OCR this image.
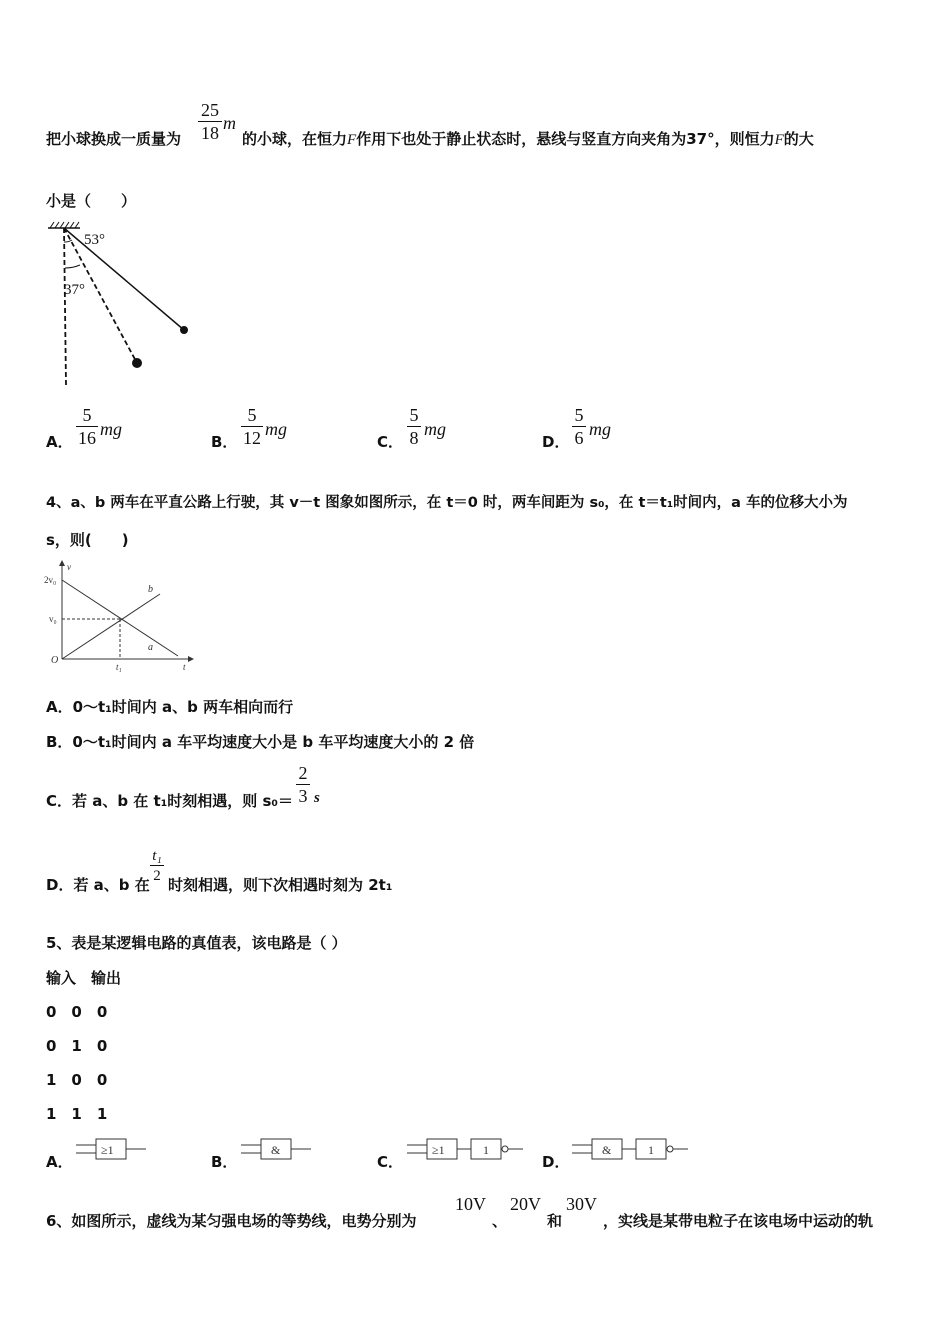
把小球换成一质量为
25
18 m
的小球，在恒力F作用下也处于静止状态时，悬线与竖直方向夹角为37°，则恒力F的大
小是（　　）
53°
37°
A．
5
16 mg
B．
5
12 mg
C．
5
8 mg
D．
5
6 mg
4、a、b 两车在平直公路上行驶，其 v－t 图象如图所示，在 t＝0 时，两车间距为 s₀，在 t＝t₁时间内，a 车的位移大小为
s，则(　　)
v
t
2v₀
v₀
O
t₁
a
b
A．0～t₁时间内 a、b 两车相向而行
B．0～t₁时间内 a 车平均速度大小是 b 车平均速度大小的 2 倍
C．若 a、b 在 t₁时刻相遇，则 s₀＝
2
3 s
D．若 a、b 在
t₁
2 时刻相遇，则下次相遇时刻为 2t₁
5、表是某逻辑电路的真值表，该电路是（ ）
输入　输出
0　0　0
0　1　0
1　0　0
1　1　1
A．
≥1
B．
&
C．
≥1	1
D．
&	1
6、如图所示，虚线为某匀强电场的等势线，电势分别为
10V
、
20V
和
30V
，实线是某带电粒子在该电场中运动的轨
